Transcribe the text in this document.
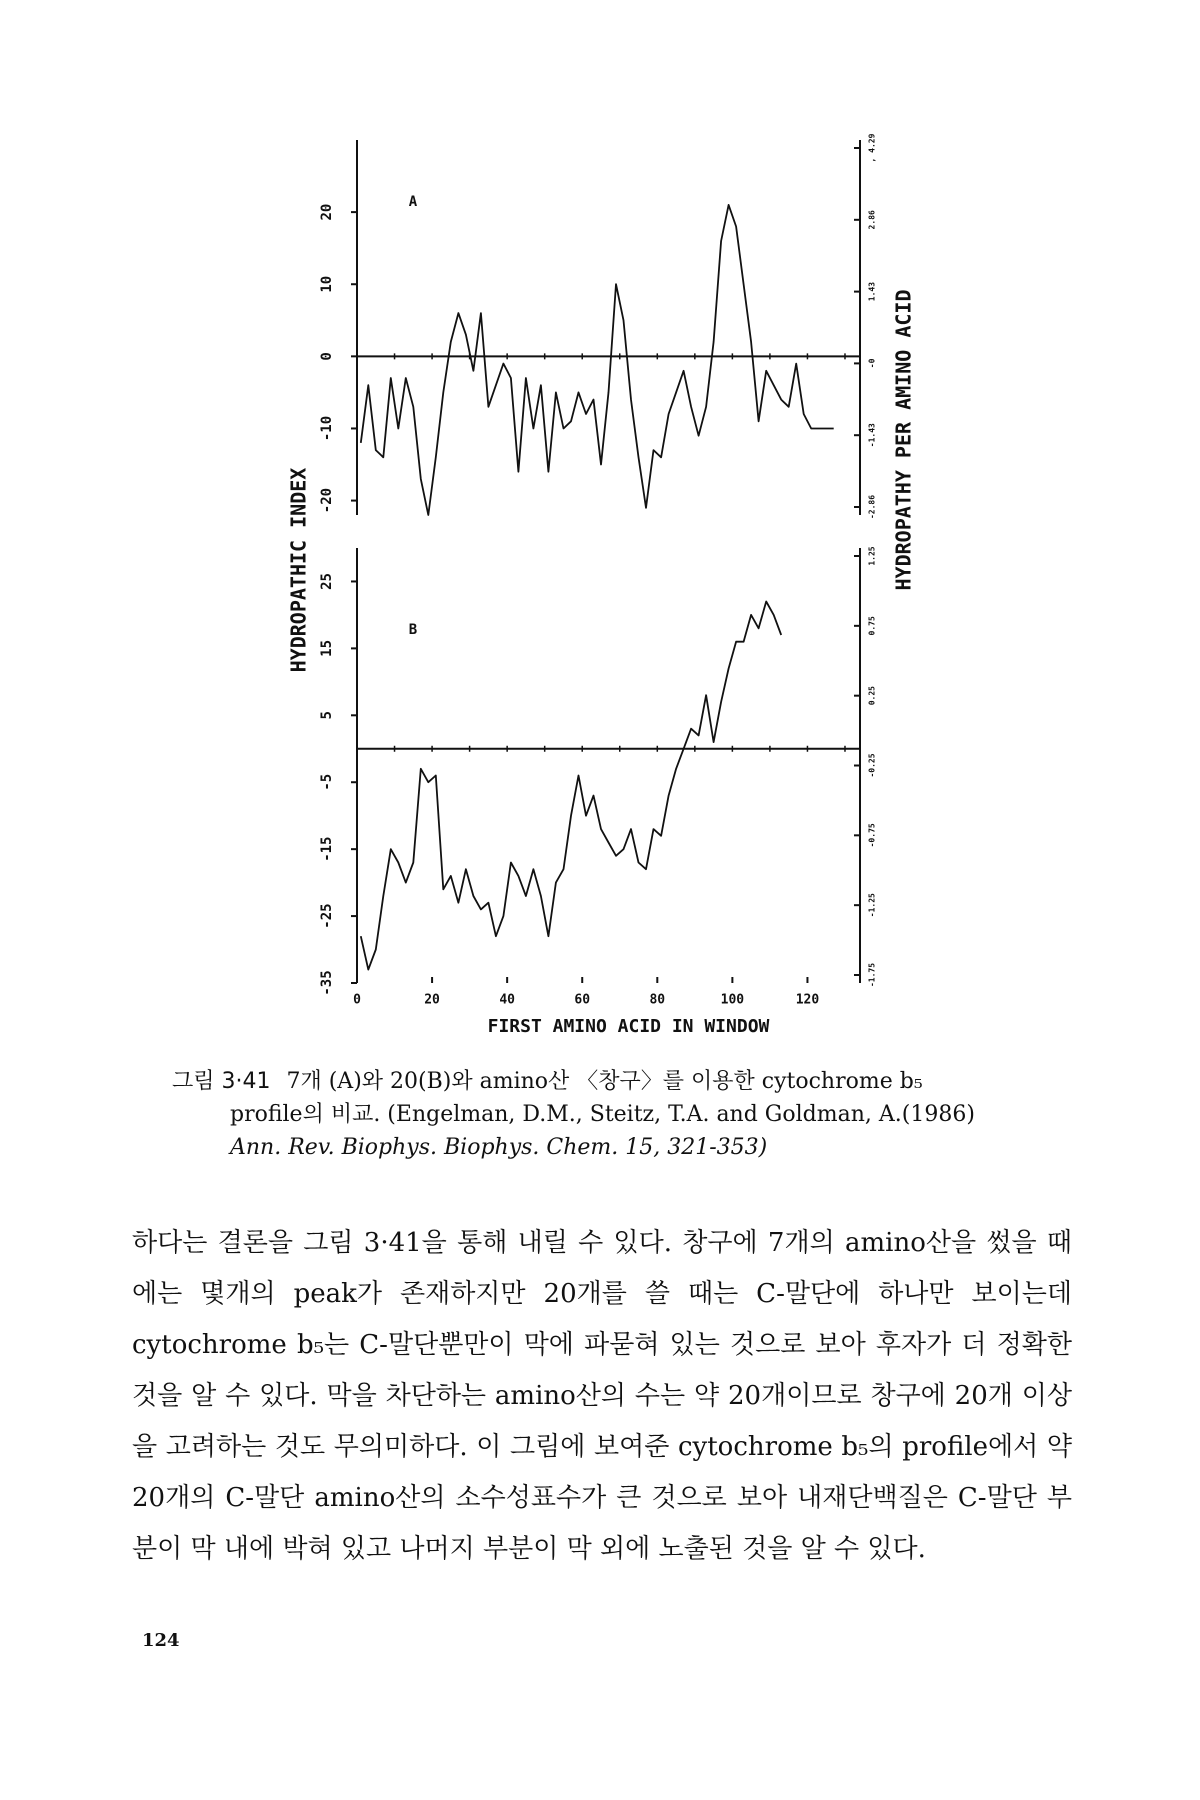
20
10
0
-10
-20	-2.86
-1.43
-0
1.43
2.86
, 4.29
A
25
15
5
-5
-15
-25
-35	-1.75
-1.25
-0.75
-0.25
0.25
0.75
1.25
B
0	20	40	60	80	100	120
FIRST AMINO ACID IN WINDOW
HYDROPATHIC INDEX	HYDROPATHY PER AMINO ACID
그림 3·41 7개 (A)와 20(B)와 amino산 〈창구〉를 이용한 cytochrome b₅
profile의 비교. (Engelman, D.M., Steitz, T.A. and Goldman, A.(1986)
Ann. Rev. Biophys. Biophys. Chem. 15, 321-353)

하다는 결론을 그림 3·41을 통해 내릴 수 있다. 창구에 7개의 amino산을 썼을 때에는 몇개의 peak가 존재하지만 20개를 쓸 때는 C-말단에 하나만 보이는데 cytochrome b₅는 C-말단뿐만이 막에 파묻혀 있는 것으로 보아 후자가 더 정확한 것을 알 수 있다. 막을 차단하는 amino산의 수는 약 20개이므로 창구에 20개 이상을 고려하는 것도 무의미하다. 이 그림에 보여준 cytochrome b₅의 profile에서 약 20개의 C-말단 amino산의 소수성표수가 큰 것으로 보아 내재단백질은 C-말단 부분이 막 내에 박혀 있고 나머지 부분이 막 외에 노출된 것을 알 수 있다.

124
